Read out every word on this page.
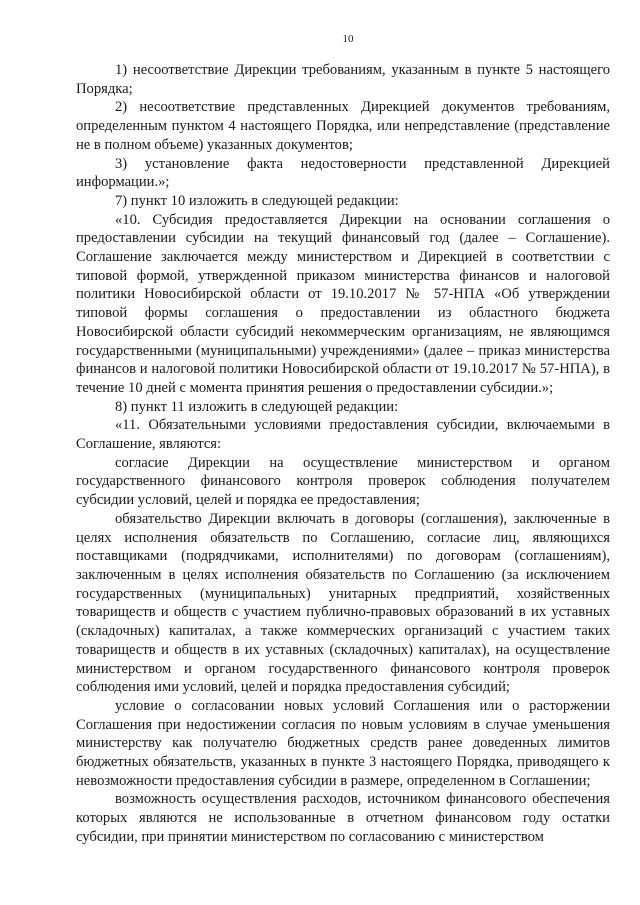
10

1) несоответствие Дирекции требованиям, указанным в пункте 5 настоящего Порядка;

2) несоответствие представленных Дирекцией документов требованиям, определенным пунктом 4 настоящего Порядка, или непредставление (представление не в полном объеме) указанных документов;

3) установление факта недостоверности представленной Дирекцией информации.»;

7) пункт 10 изложить в следующей редакции:

«10. Субсидия предоставляется Дирекции на основании соглашения о предоставлении субсидии на текущий финансовый год (далее – Соглашение). Соглашение заключается между министерством и Дирекцией в соответствии с типовой формой, утвержденной приказом министерства финансов и налоговой политики Новосибирской области от 19.10.2017 № 57-НПА «Об утверждении типовой формы соглашения о предоставлении из областного бюджета Новосибирской области субсидий некоммерческим организациям, не являющимся государственными (муниципальными) учреждениями» (далее – приказ министерства финансов и налоговой политики Новосибирской области от 19.10.2017 № 57-НПА), в течение 10 дней с момента принятия решения о предоставлении субсидии.»;

8) пункт 11 изложить в следующей редакции:

«11. Обязательными условиями предоставления субсидии, включаемыми в Соглашение, являются:

согласие Дирекции на осуществление министерством и органом государственного финансового контроля проверок соблюдения получателем субсидии условий, целей и порядка ее предоставления;

обязательство Дирекции включать в договоры (соглашения), заключенные в целях исполнения обязательств по Соглашению, согласие лиц, являющихся поставщиками (подрядчиками, исполнителями) по договорам (соглашениям), заключенным в целях исполнения обязательств по Соглашению (за исключением государственных (муниципальных) унитарных предприятий, хозяйственных товариществ и обществ с участием публично-правовых образований в их уставных (складочных) капиталах, а также коммерческих организаций с участием таких товариществ и обществ в их уставных (складочных) капиталах), на осуществление министерством и органом государственного финансового контроля проверок соблюдения ими условий, целей и порядка предоставления субсидий;

условие о согласовании новых условий Соглашения или о расторжении Соглашения при недостижении согласия по новым условиям в случае уменьшения министерству как получателю бюджетных средств ранее доведенных лимитов бюджетных обязательств, указанных в пункте 3 настоящего Порядка, приводящего к невозможности предоставления субсидии в размере, определенном в Соглашении;

возможность осуществления расходов, источником финансового обеспечения которых являются не использованные в отчетном финансовом году остатки субсидии, при принятии министерством по согласованию с министерством
